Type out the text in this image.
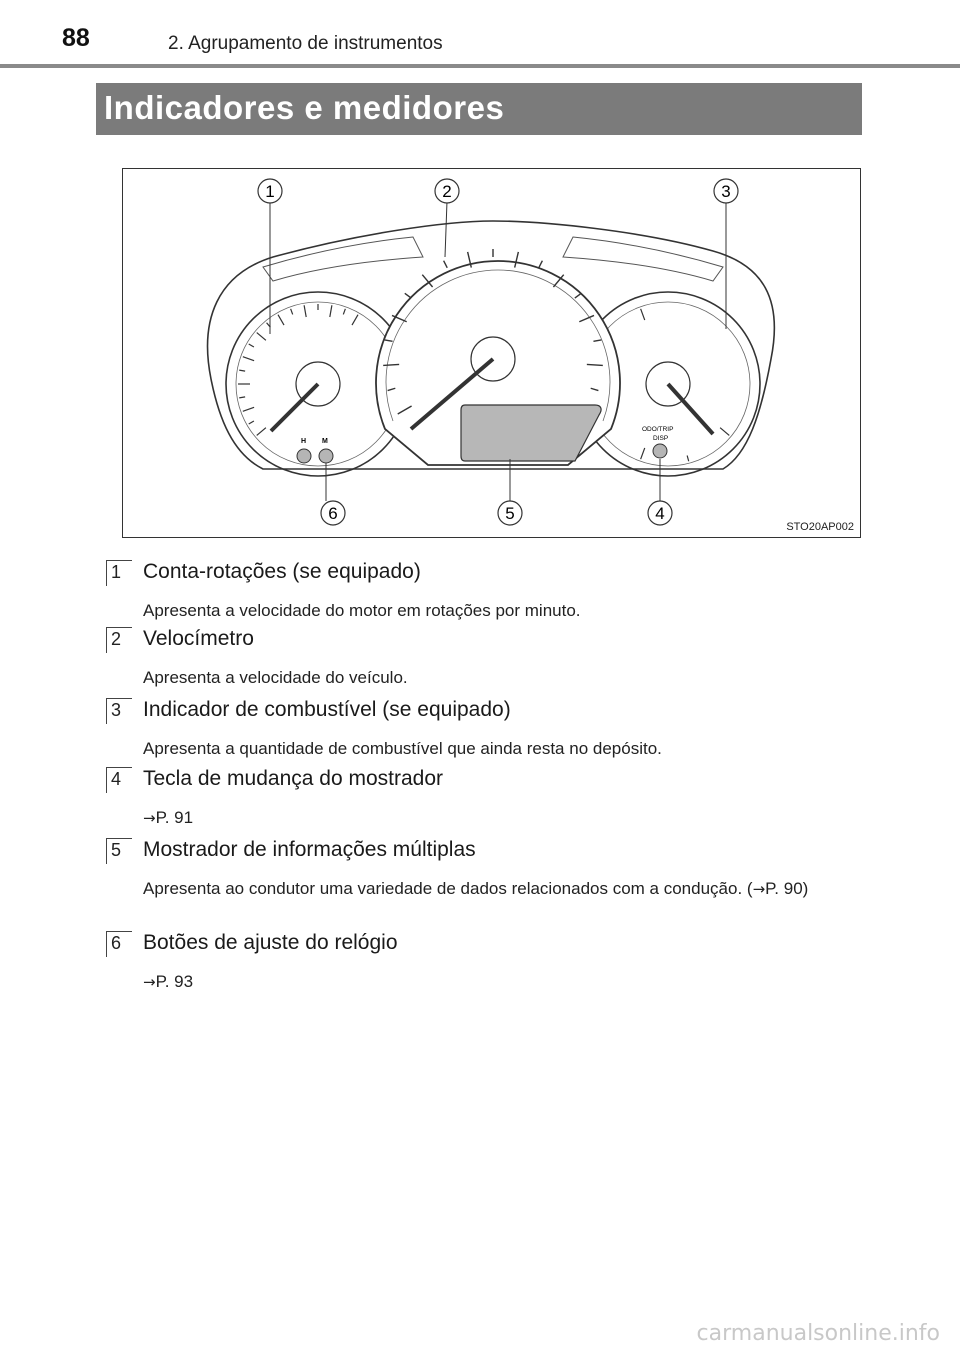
88	2. Agrupamento de instrumentos
Indicadores e medidores
H M
ODO/TRIP
DISP
1	2	3
4
5
6
STO20AP002
1	Conta-rotações (se equipado)
Apresenta a velocidade do motor em rotações por minuto.
2	Velocímetro
Apresenta a velocidade do veículo.
3	Indicador de combustível (se equipado)
Apresenta a quantidade de combustível que ainda resta no depósito.
4	Tecla de mudança do mostrador
→P. 91
5	Mostrador de informações múltiplas
Apresenta ao condutor uma variedade de dados relacionados com a condução. (→P. 90)
6	Botões de ajuste do relógio
→P. 93
carmanualsonline.info
